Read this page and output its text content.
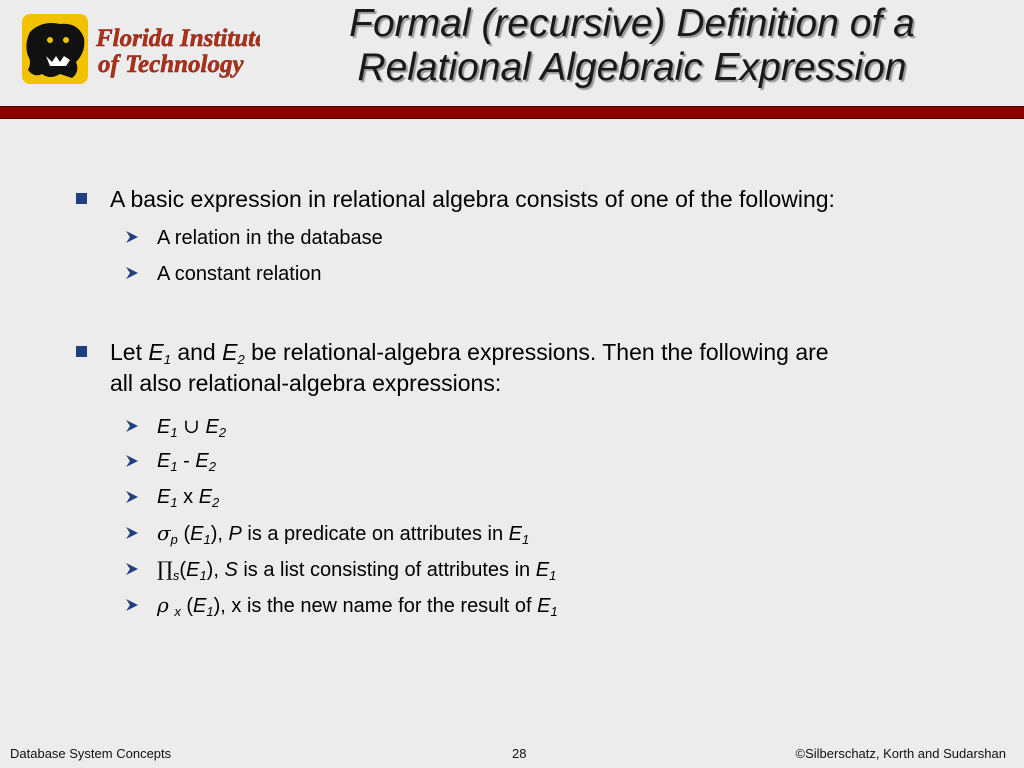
Florida Institute
of Technology
Formal (recursive) Definition of a
Relational Algebraic Expression
A basic expression in relational algebra consists of one of the following:
A relation in the database
A constant relation
Let $E_1$ and $E_2$ be relational-algebra expressions. Then the following are
all also relational-algebra expressions:
$E_1$ ∪ $E_2$
$E_1 - E_2$
$E_1$ x $E_2$
$\sigma_p$ $(E_1)$, P is a predicate on attributes in $E_1$
$\prod_s(E_1)$, S is a list consisting of attributes in $E_1$
ρ $_x$ $(E_1)$, x is the new name for the result of $E_1$
Database System Concepts	28	©Silberschatz, Korth and Sudarshan
